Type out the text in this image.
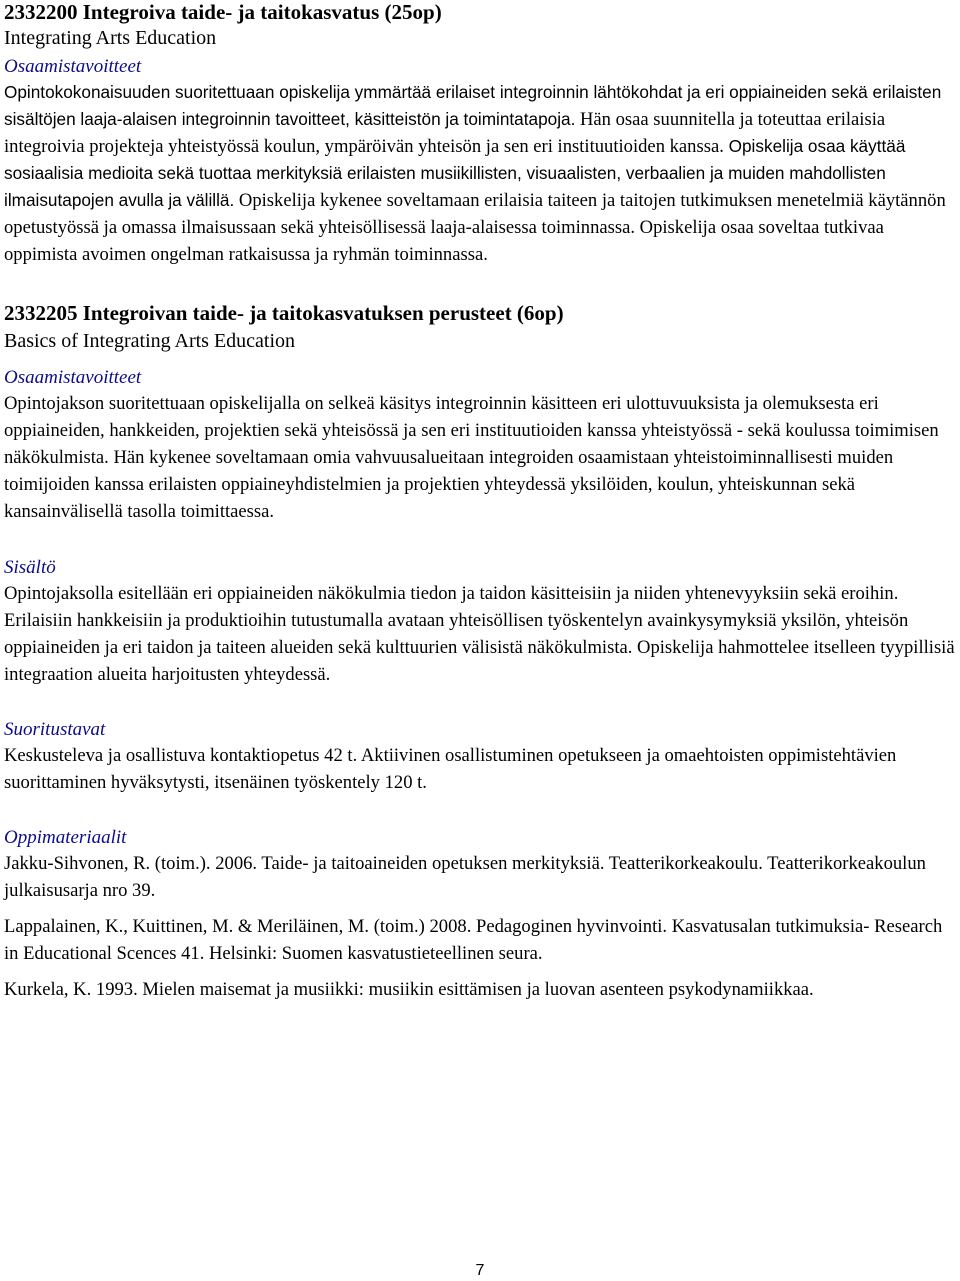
2332200 Integroiva taide- ja taitokasvatus (25op)
Integrating Arts Education
Osaamistavoitteet

Opintokokonaisuuden suoritettuaan opiskelija ymmärtää erilaiset integroinnin lähtökohdat ja eri oppiaineiden sekä erilaisten sisältöjen laaja-alaisen integroinnin tavoitteet, käsitteistön ja toimintatapoja. Hän osaa suunnitella ja toteuttaa erilaisia integroivia projekteja yhteistyössä koulun, ympäröivän yhteisön ja sen eri instituutioiden kanssa. Opiskelija osaa käyttää sosiaalisia medioita sekä tuottaa merkityksiä erilaisten musiikillisten, visuaalisten, verbaalien ja muiden mahdollisten ilmaisutapojen avulla ja välillä. Opiskelija kykenee soveltamaan erilaisia taiteen ja taitojen tutkimuksen menetelmiä käytännön opetustyössä ja omassa ilmaisussaan sekä yhteisöllisessä laaja-alaisessa toiminnassa. Opiskelija osaa soveltaa tutkivaa oppimista avoimen ongelman ratkaisussa ja ryhmän toiminnassa.

2332205 Integroivan taide- ja taitokasvatuksen perusteet (6op)
Basics of Integrating Arts Education
Osaamistavoitteet

Opintojakson suoritettuaan opiskelijalla on selkeä käsitys integroinnin käsitteen eri ulottuvuuksista ja olemuksesta eri oppiaineiden, hankkeiden, projektien sekä yhteisössä ja sen eri instituutioiden kanssa yhteistyössä - sekä koulussa toimimisen näkökulmista. Hän kykenee soveltamaan omia vahvuusalueitaan integroiden osaamistaan yhteistoiminnallisesti muiden toimijoiden kanssa erilaisten oppiaineyhdistelmien ja projektien yhteydessä yksilöiden, koulun, yhteiskunnan sekä kansainvälisellä tasolla toimittaessa.

Sisältö

Opintojaksolla esitellään eri oppiaineiden näkökulmia tiedon ja taidon käsitteisiin ja niiden yhtenevyyksiin sekä eroihin. Erilaisiin hankkeisiin ja produktioihin tutustumalla avataan yhteisöllisen työskentelyn avainkysymyksiä yksilön, yhteisön oppiaineiden ja eri taidon ja taiteen alueiden sekä kulttuurien välisistä näkökulmista. Opiskelija hahmottelee itselleen tyypillisiä integraation alueita harjoitusten yhteydessä.

Suoritustavat

Keskusteleva ja osallistuva kontaktiopetus 42 t. Aktiivinen osallistuminen opetukseen ja omaehtoisten oppimistehtävien suorittaminen hyväksytysti, itsenäinen työskentely 120 t.

Oppimateriaalit

Jakku-Sihvonen, R. (toim.). 2006. Taide- ja taitoaineiden opetuksen merkityksiä. Teatterikorkeakoulu. Teatterikorkeakoulun julkaisusarja nro 39.

Lappalainen, K., Kuittinen, M. & Meriläinen, M. (toim.) 2008. Pedagoginen hyvinvointi. Kasvatusalan tutkimuksia- Research in Educational Scences 41. Helsinki: Suomen kasvatustieteellinen seura.

Kurkela, K. 1993. Mielen maisemat ja musiikki: musiikin esittämisen ja luovan asenteen psykodynamiikkaa.

7
